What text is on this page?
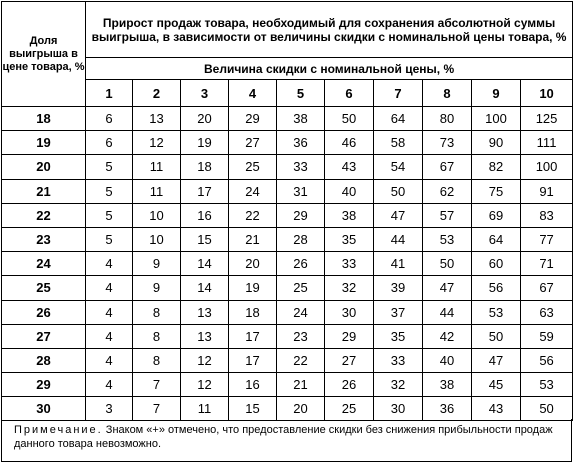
Доля выигрыша в цене товара, %	Прирост продаж товара, необходимый для сохранения абсолютной суммы выигрыша, в зависимости от величины скидки с номинальной цены товара, %									
	Величина скидки с номинальной цены, %									
	1	2	3	4	5	6	7	8	9	10
18	6	13	20	29	38	50	64	80	100	125
19	6	12	19	27	36	46	58	73	90	111
20	5	11	18	25	33	43	54	67	82	100
21	5	11	17	24	31	40	50	62	75	91
22	5	10	16	22	29	38	47	57	69	83
23	5	10	15	21	28	35	44	53	64	77
24	4	9	14	20	26	33	41	50	60	71
25	4	9	14	19	25	32	39	47	56	67
26	4	8	13	18	24	30	37	44	53	63
27	4	8	13	17	23	29	35	42	50	59
28	4	8	12	17	22	27	33	40	47	56
29	4	7	12	16	21	26	32	38	45	53
30	3	7	11	15	20	25	30	36	43	50
Примечание. Знаком «+» отмечено, что предоставление скидки без снижения прибыльности продаж данного товара невозможно.
